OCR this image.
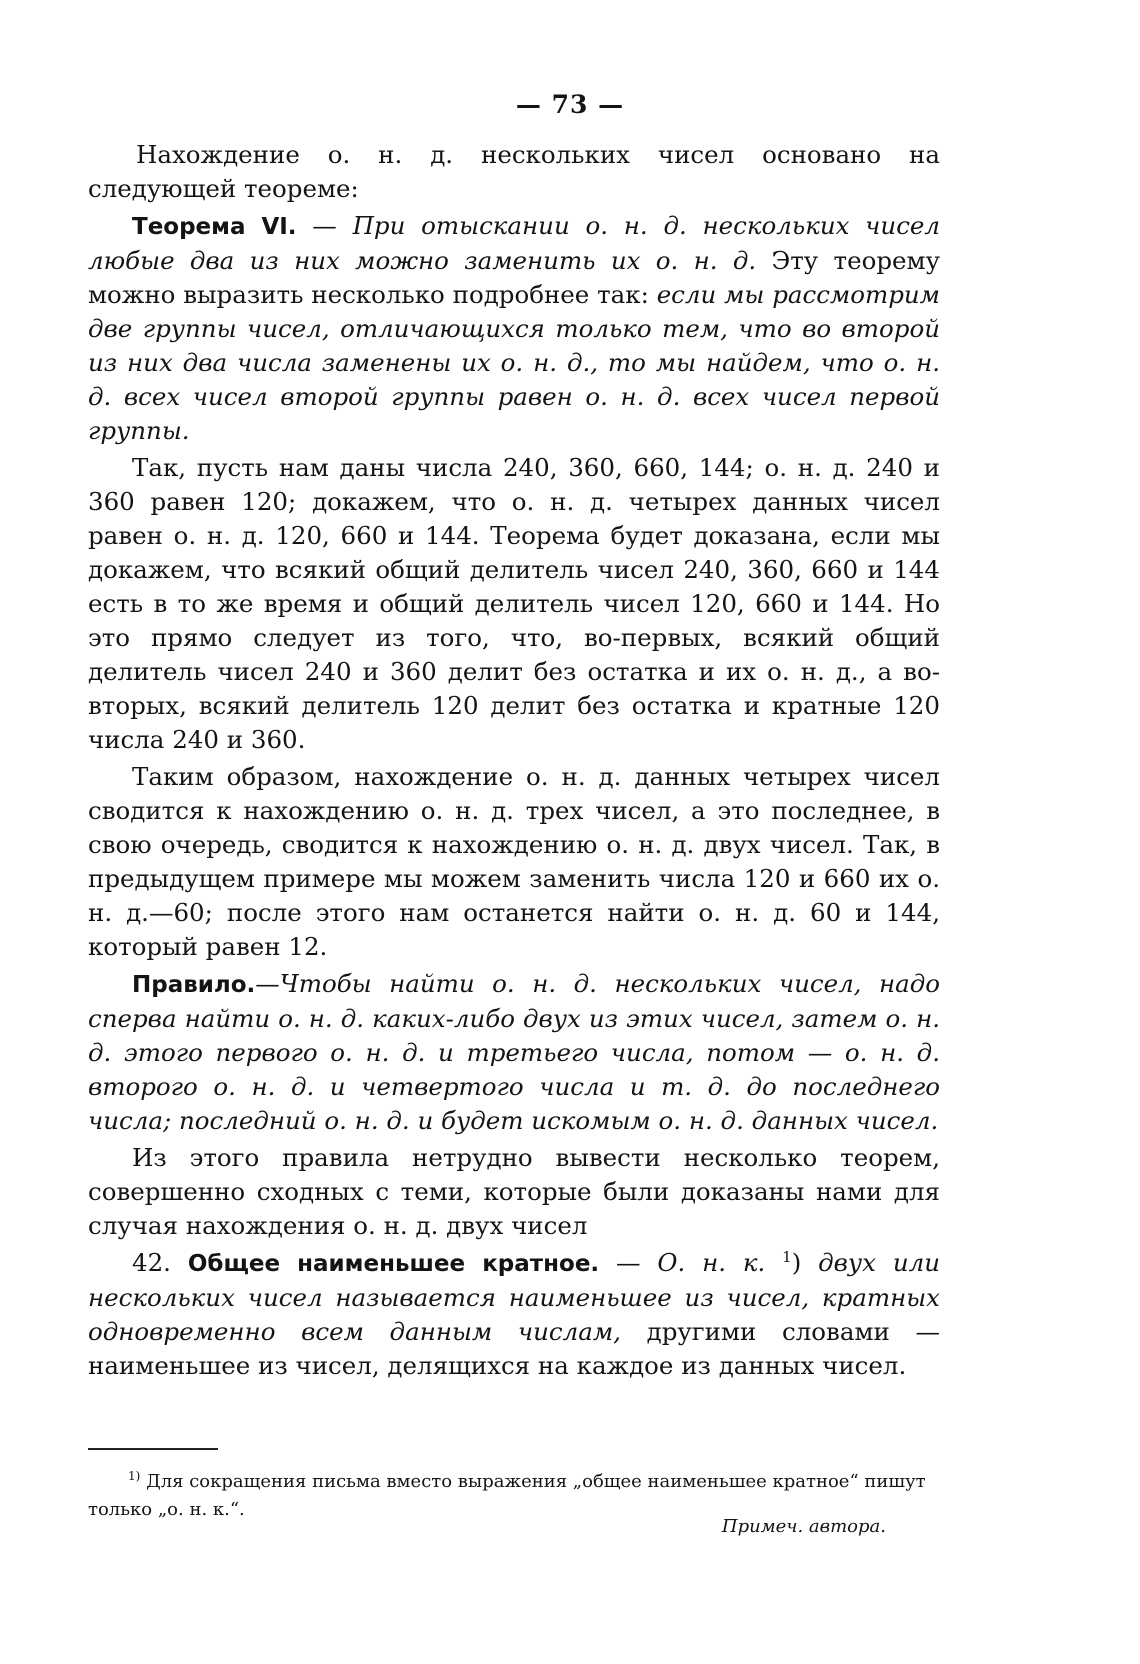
— 73 —

Нахождение о. н. д. нескольких чисел основано на следующей теореме:

Теорема VI. — При отыскании о. н. д. нескольких чисел любые два из них можно заменить их о. н. д. Эту теорему можно выразить несколько подробнее так: если мы рассмотрим две группы чисел, отличающихся только тем, что во второй из них два числа заменены их о. н. д., то мы найдем, что о. н. д. всех чисел второй группы равен о. н. д. всех чисел первой группы.

Так, пусть нам даны числа 240, 360, 660, 144; о. н. д. 240 и 360 равен 120; докажем, что о. н. д. четырех данных чисел равен о. н. д. 120, 660 и 144. Теорема будет доказана, если мы докажем, что всякий общий делитель чисел 240, 360, 660 и 144 есть в то же время и общий делитель чисел 120, 660 и 144. Но это прямо следует из того, что, во-первых, всякий общий делитель чисел 240 и 360 делит без остатка и их о. н. д., а во-вторых, всякий делитель 120 делит без остатка и кратные 120 числа 240 и 360.

Таким образом, нахождение о. н. д. данных четырех чисел сводится к нахождению о. н. д. трех чисел, а это последнее, в свою очередь, сводится к нахождению о. н. д. двух чисел. Так, в предыдущем примере мы можем заменить числа 120 и 660 их о. н. д.—60; после этого нам останется найти о. н. д. 60 и 144, который равен 12.

Правило.—Чтобы найти о. н. д. нескольких чисел, надо сперва найти о. н. д. каких-либо двух из этих чисел, затем о. н. д. этого первого о. н. д. и третьего числа, потом — о. н. д. второго о. н. д. и четвертого числа и т. д. до последнего числа; последний о. н. д. и будет искомым о. н. д. данных чисел.

Из этого правила нетрудно вывести несколько теорем, совершенно сходных с теми, которые были доказаны нами для случая нахождения о. н. д. двух чисел

42. Общее наименьшее кратное. — О. н. к. $^1$) двух или нескольких чисел называется наименьшее из чисел, кратных одновременно всем данным числам, другими словами — наименьшее из чисел, делящихся на каждое из данных чисел.

$^{1)}$ Для сокращения письма вместо выражения „общее наименьшее кратное“ пишут только „о. н. к.“.
Примеч. автора.
